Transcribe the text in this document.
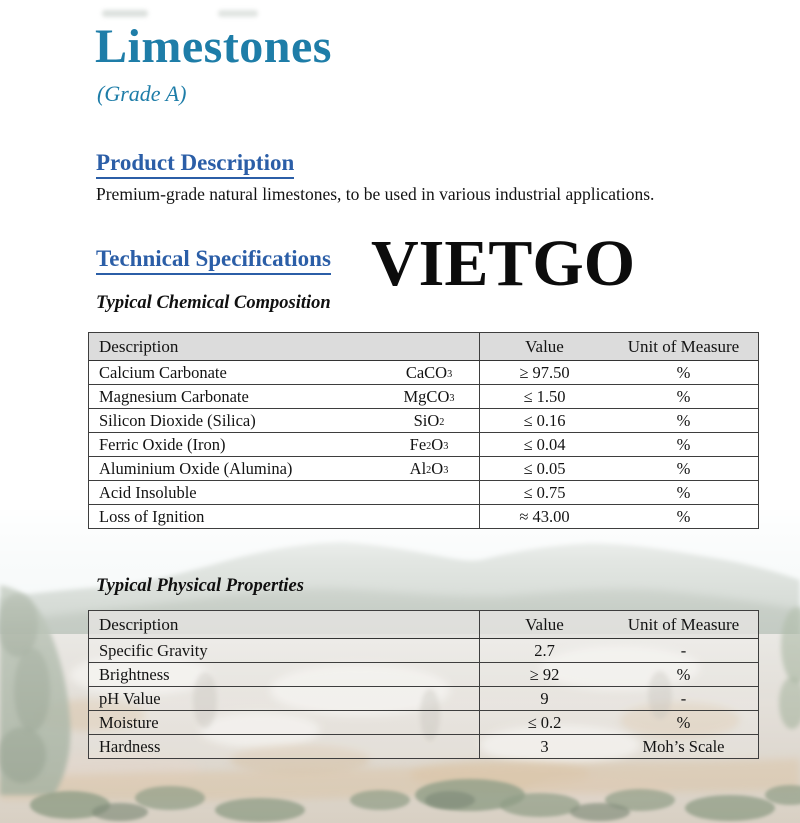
Limestones
(Grade A)
Product Description
Premium-grade natural limestones, to be used in various industrial applications.
Technical Specifications VIETGO
Typical Chemical Composition
Description	Value	Unit of Measure
Calcium Carbonate	CaCO$_3$	≥ 97.50	%
Magnesium Carbonate	MgCO$_3$	≤ 1.50	%
Silicon Dioxide (Silica)	SiO$_2$	≤ 0.16	%
Ferric Oxide (Iron)	$Fe_2$ $O_3$	≤ 0.04	%
Aluminium Oxide (Alumina)	$Al_2$ $O_3$	≤ 0.05	%
Acid Insoluble	≤ 0.75	%
Loss of Ignition	≈ 43.00	%
Typical Physical Properties
Description	Value	Unit of Measure
Specific Gravity	2.7	-
Brightness	≥ 92	%
pH Value	9	-
Moisture	≤ 0.2	%
Hardness	3	Moh’s Scale
